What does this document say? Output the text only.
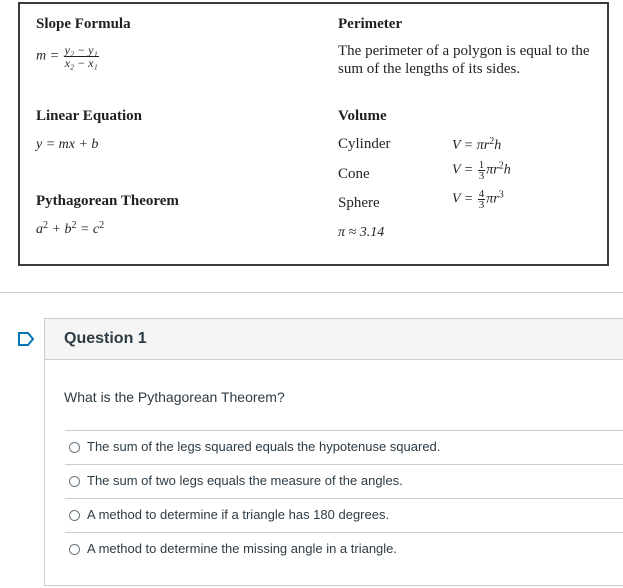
Slope Formula
$m = \frac{\text{y₂ − y₁}}{\text{x₂ − x₁}}$
Perimeter
The perimeter of a polygon is equal to the
sum of the lengths of its sides.
Linear Equation
y = mx + b
Volume
Cylinder	$V = \pi r^2h$
Cone	$V = \frac{1}{3} \pi r^2h$
Sphere	$V = \frac{4}{3} \pi r^3$
π ≈ 3.14
Pythagorean Theorem
$a^2 + b^2 = c^2$
Question 1
What is the Pythagorean Theorem?
The sum of the legs squared equals the hypotenuse squared.
The sum of two legs equals the measure of the angles.
A method to determine if a triangle has 180 degrees.
A method to determine the missing angle in a triangle.
